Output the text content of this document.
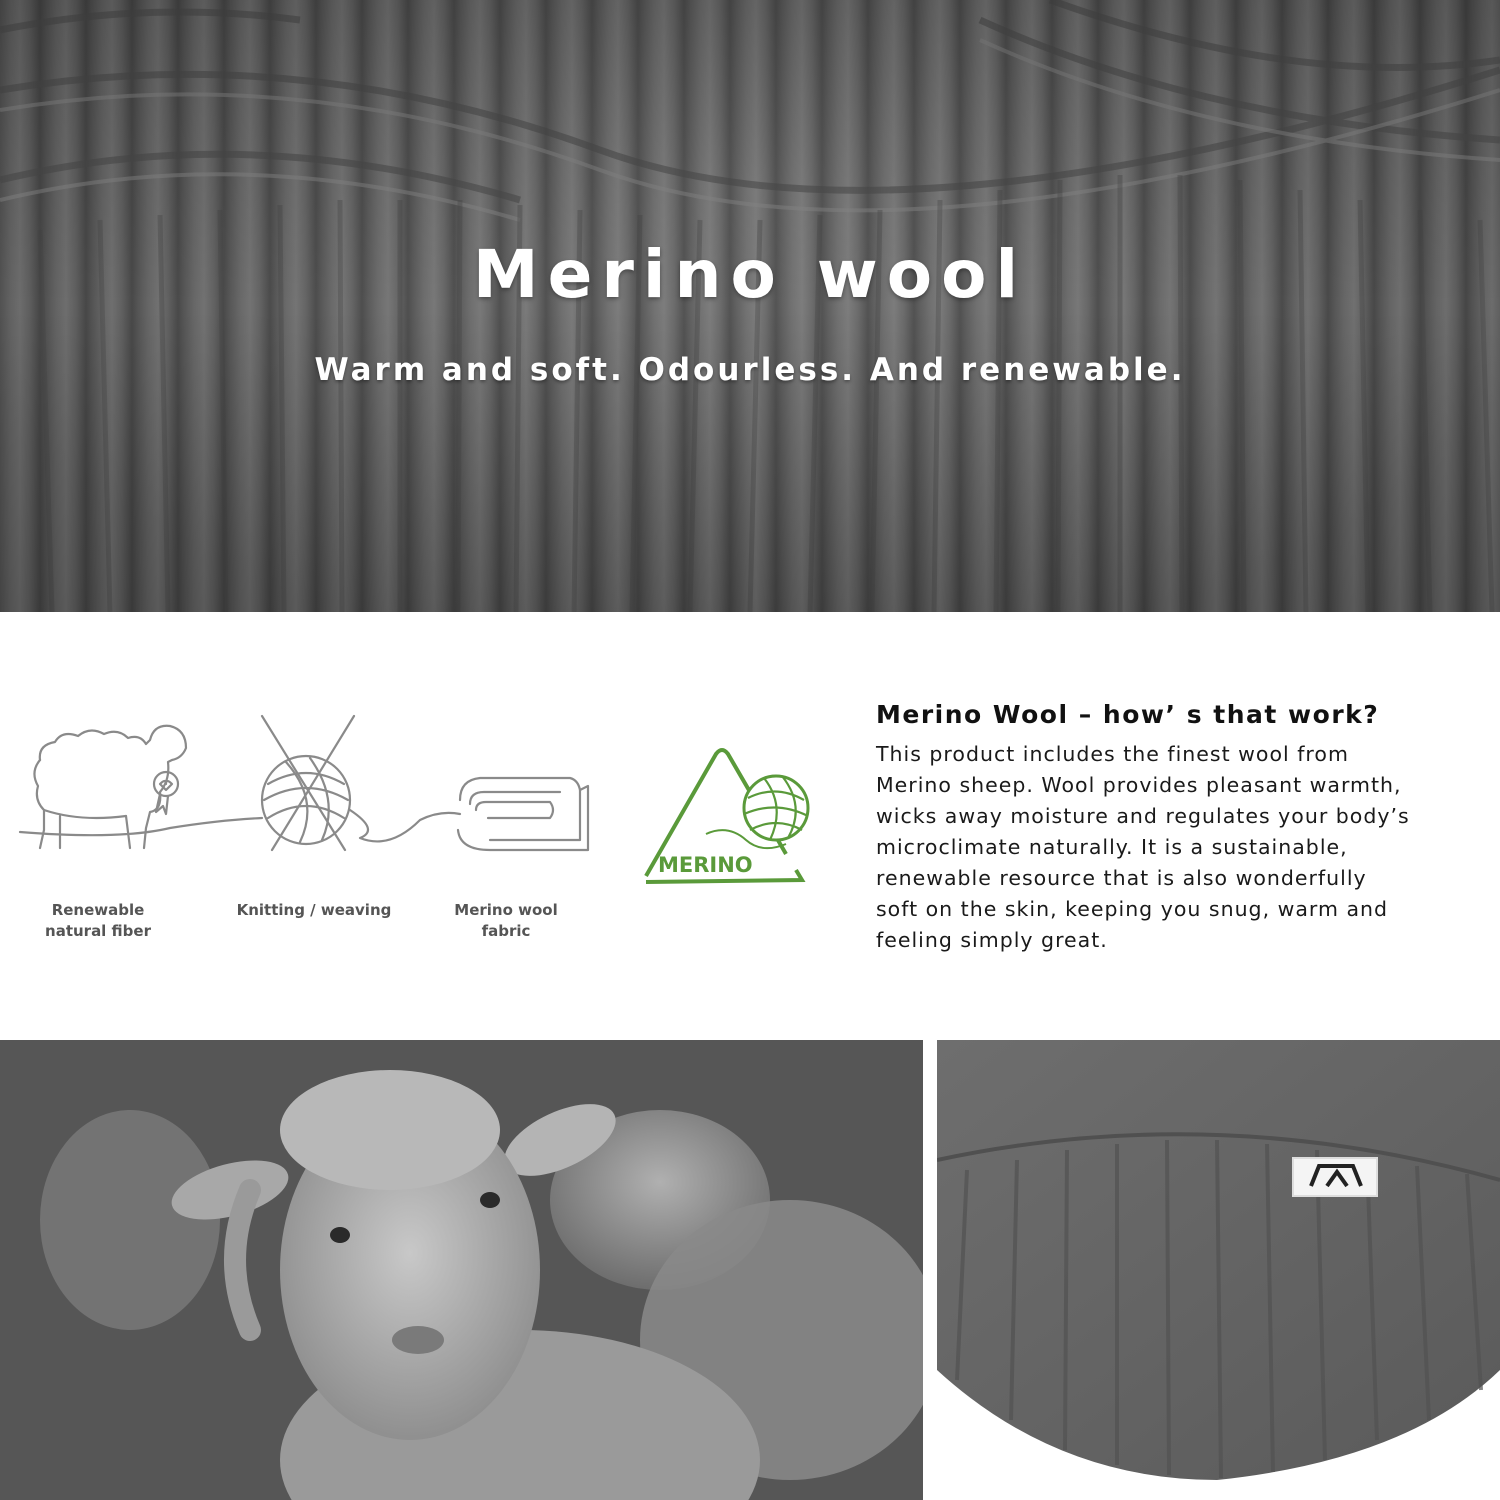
Merino wool
Warm and soft. Odourless. And renewable.
Renewable
natural fiber
Knitting / weaving	Merino wool
fabric
MERINO
Merino Wool – how’ s that work?

This product includes the finest wool from
Merino sheep. Wool provides pleasant warmth,
wicks away moisture and regulates your body’s
microclimate naturally. It is a sustainable,
renewable resource that is also wonderfully
soft on the skin, keeping you snug, warm and
feeling simply great.
